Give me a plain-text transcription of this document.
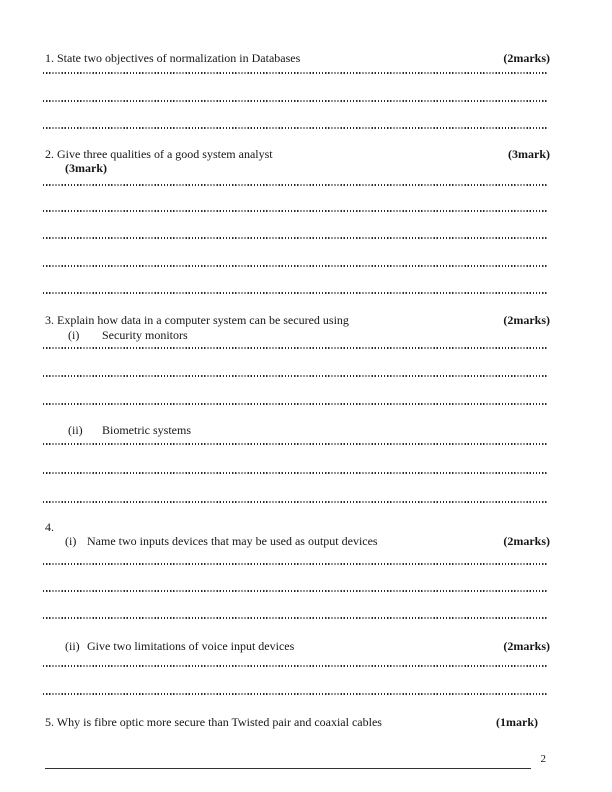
1. State two objectives of normalization in Databases	(2marks)
2. Give three qualities of a good system analyst	(3mark)
(3mark)
3. Explain how data in a computer system can be secured using	(2marks)
(i) Security monitors
(ii) Biometric systems
4.
(i) Name two inputs devices that may be used as output devices	(2marks)
(ii) Give two limitations of voice input devices	(2marks)
5. Why is fibre optic more secure than Twisted pair and coaxial cables	(1mark)
2
